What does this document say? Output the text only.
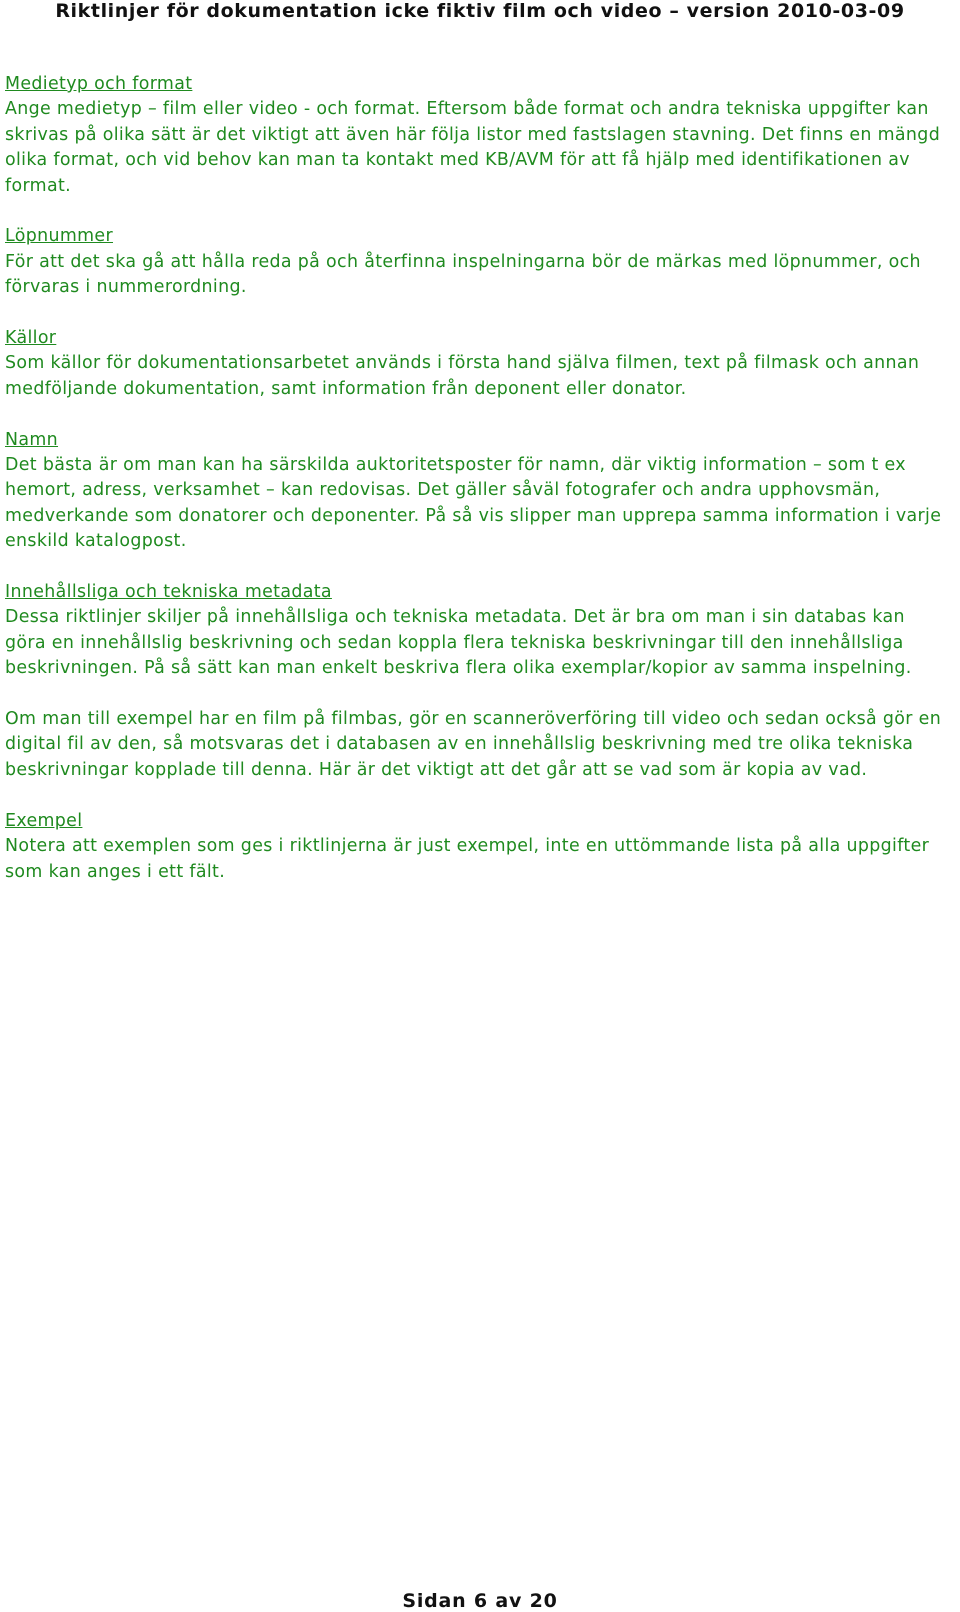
Riktlinjer för dokumentation icke fiktiv film och video – version 2010-03-09
Medietyp och format
Ange medietyp – film eller video - och format. Eftersom både format och andra tekniska uppgifter kan skrivas på olika sätt är det viktigt att även här följa listor med fastslagen stavning. Det finns en mängd olika format, och vid behov kan man ta kontakt med KB/AVM för att få hjälp med identifikationen av format.
Löpnummer
För att det ska gå att hålla reda på och återfinna inspelningarna bör de märkas med löpnummer, och förvaras i nummerordning.
Källor
Som källor för dokumentationsarbetet används i första hand själva filmen, text på filmask och annan medföljande dokumentation, samt information från deponent eller donator.
Namn
Det bästa är om man kan ha särskilda auktoritetsposter för namn, där viktig information – som t ex hemort, adress, verksamhet – kan redovisas. Det gäller såväl fotografer och andra upphovsmän, medverkande som donatorer och deponenter. På så vis slipper man upprepa samma information i varje enskild katalogpost.
Innehållsliga och tekniska metadata
Dessa riktlinjer skiljer på innehållsliga och tekniska metadata. Det är bra om man i sin databas kan göra en innehållslig beskrivning och sedan koppla flera tekniska beskrivningar till den innehållsliga beskrivningen. På så sätt kan man enkelt beskriva flera olika exemplar/kopior av samma inspelning.
Om man till exempel har en film på filmbas, gör en scanneröverföring till video och sedan också gör en digital fil av den, så motsvaras det i databasen av en innehållslig beskrivning med tre olika tekniska beskrivningar kopplade till denna. Här är det viktigt att det går att se vad som är kopia av vad.
Exempel
Notera att exemplen som ges i riktlinjerna är just exempel, inte en uttömmande lista på alla uppgifter som kan anges i ett fält.
Sidan 6 av 20
